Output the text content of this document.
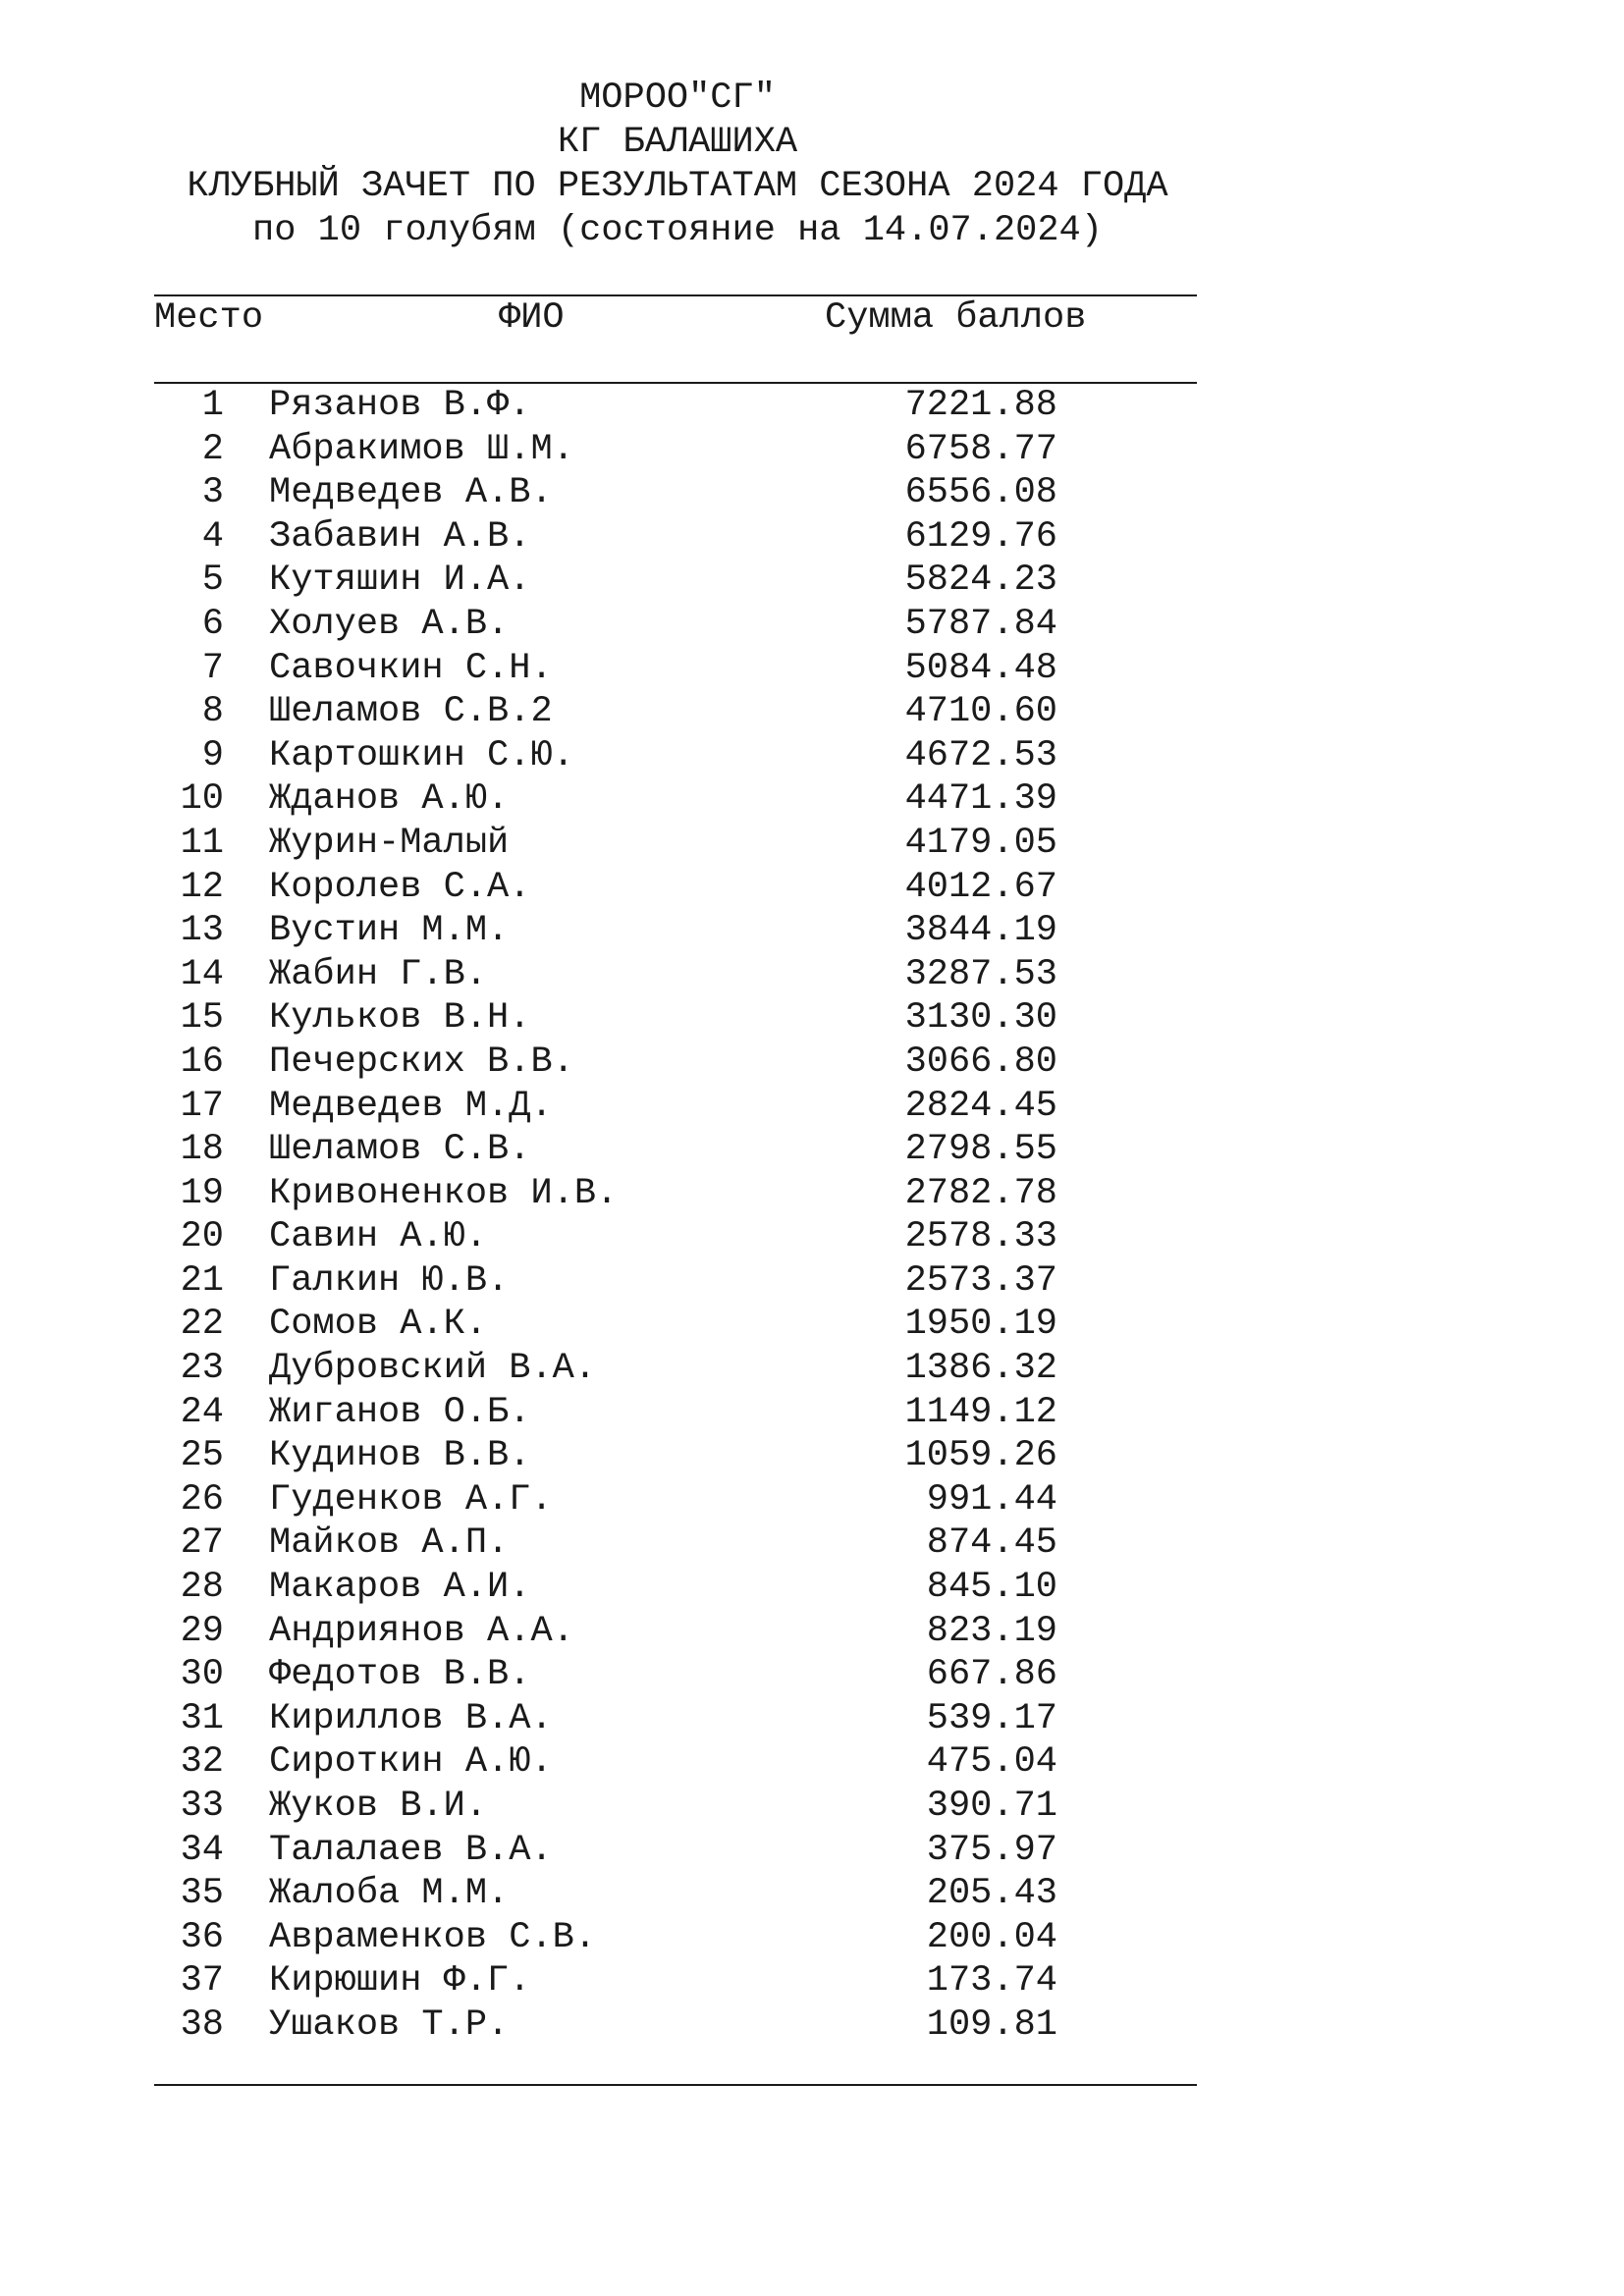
МОРОО"СГ"
КГ БАЛАШИХА
КЛУБНЫЙ ЗАЧЕТ ПО РЕЗУЛЬТАТАМ СЕЗОНА 2024 ГОДА
по 10 голубям (состояние на 14.07.2024)
Место	ФИО	Сумма баллов
1 Рязанов В.Ф.	7221.88
2 Абракимов Ш.М.	6758.77
3 Медведев А.В.	6556.08
4 Забавин А.В.	6129.76
5 Кутяшин И.А.	5824.23
6 Холуев А.В.	5787.84
7 Савочкин С.Н.	5084.48
8 Шеламов С.В.2	4710.60
9 Картошкин С.Ю.	4672.53
10 Жданов А.Ю.	4471.39
11 Журин-Малый	4179.05
12 Королев С.А.	4012.67
13 Вустин М.М.	3844.19
14 Жабин Г.В.	3287.53
15 Кульков В.Н.	3130.30
16 Печерских В.В.	3066.80
17 Медведев М.Д.	2824.45
18 Шеламов С.В.	2798.55
19 Кривоненков И.В.	2782.78
20 Савин А.Ю.	2578.33
21 Галкин Ю.В.	2573.37
22 Сомов А.К.	1950.19
23 Дубровский В.А.	1386.32
24 Жиганов О.Б.	1149.12
25 Кудинов В.В.	1059.26
26 Гуденков А.Г.	991.44
27 Майков А.П.	874.45
28 Макаров А.И.	845.10
29 Андриянов А.А.	823.19
30 Федотов В.В.	667.86
31 Кириллов В.А.	539.17
32 Сироткин А.Ю.	475.04
33 Жуков В.И.	390.71
34 Талалаев В.А.	375.97
35 Жалоба М.М.	205.43
36 Авраменков С.В.	200.04
37 Кирюшин Ф.Г.	173.74
38 Ушаков Т.Р.	109.81
